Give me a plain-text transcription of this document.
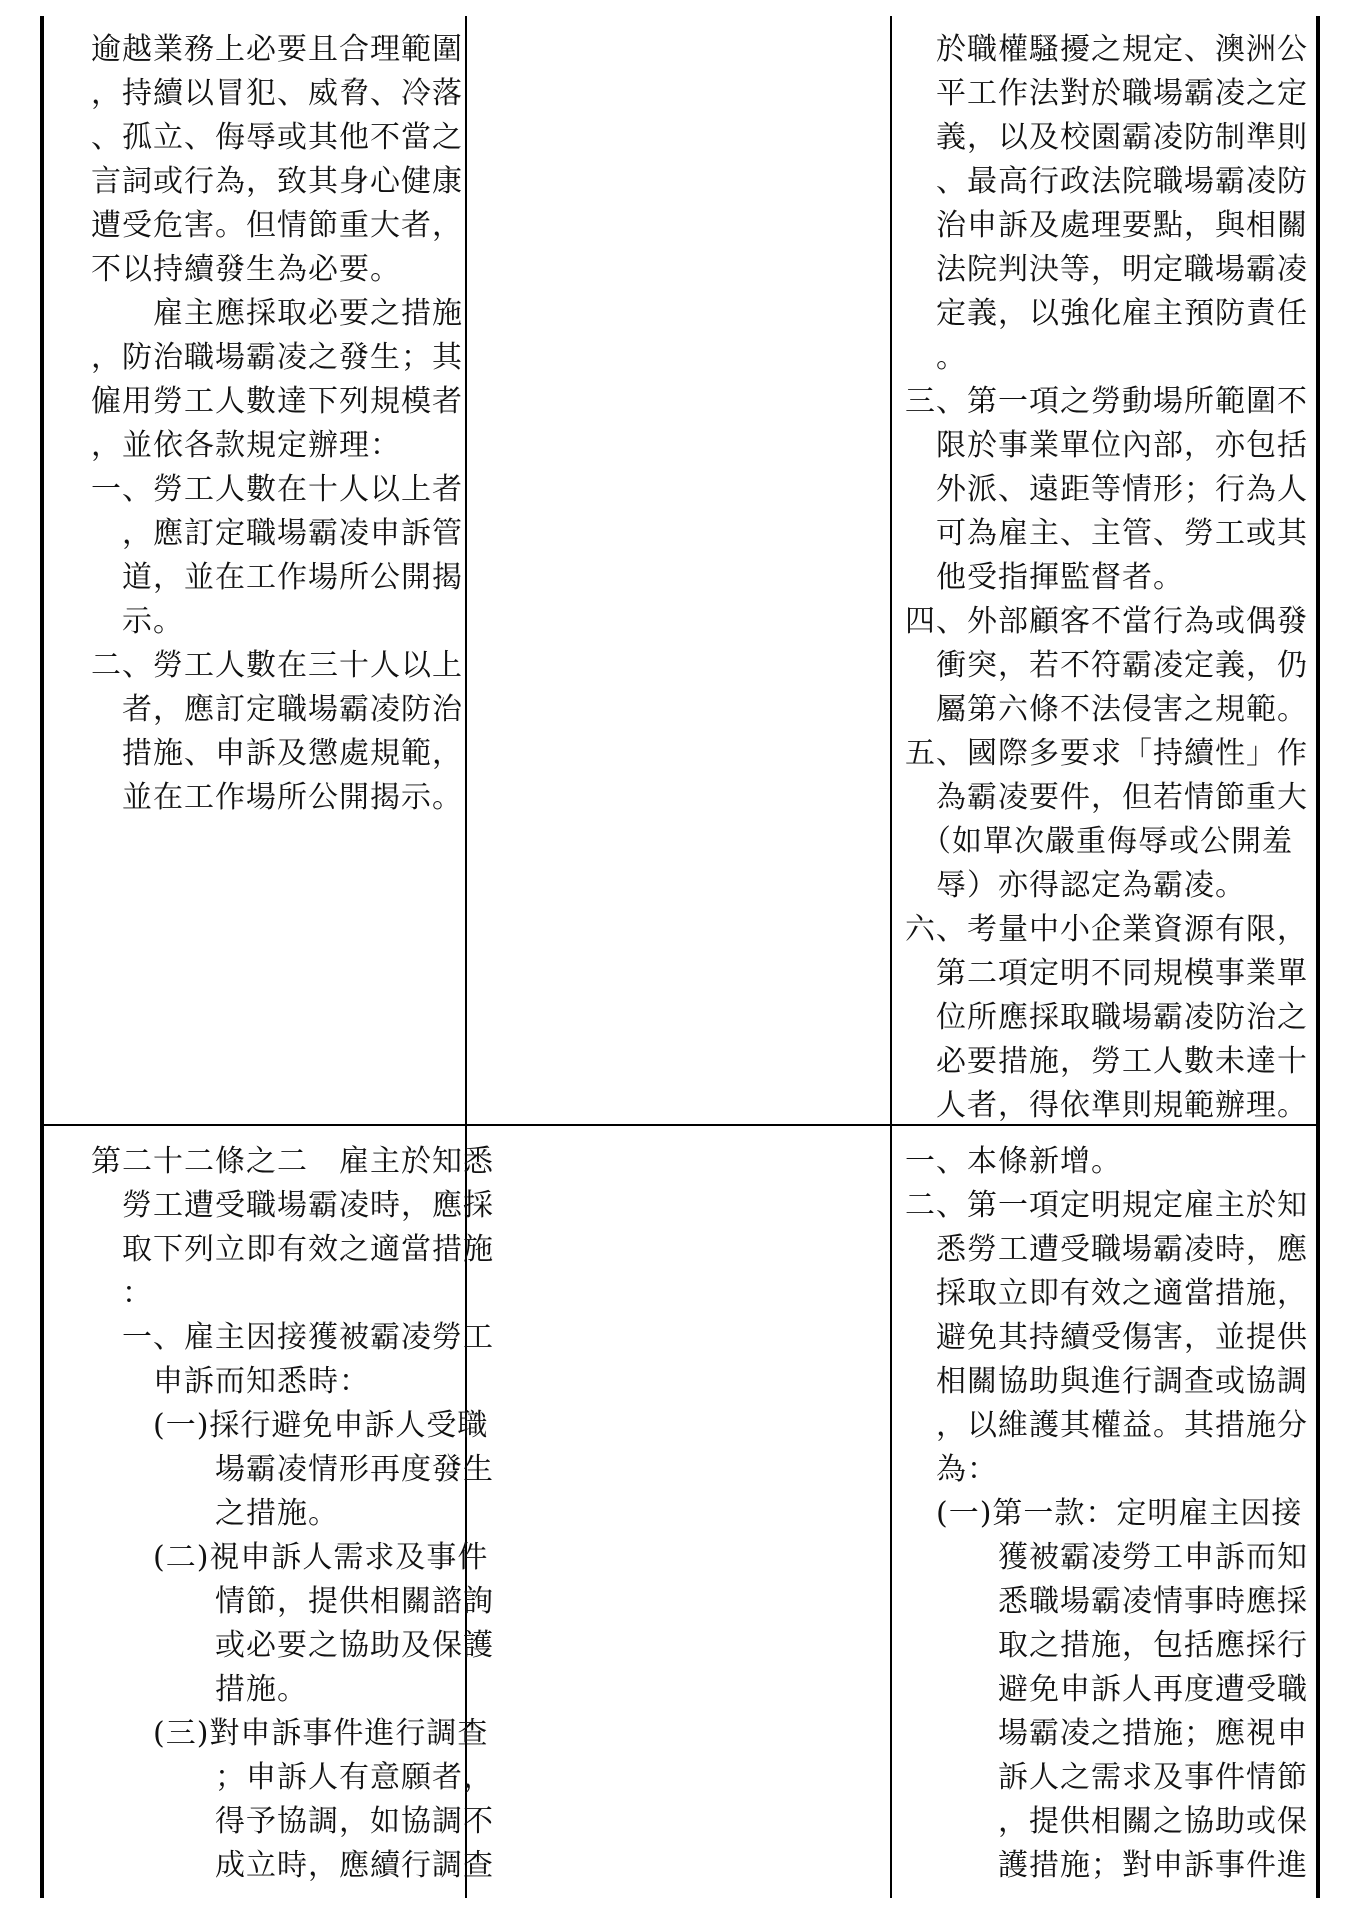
逾越業務上必要且合理範圍
，持續以冒犯、威脅、冷落
、孤立、侮辱或其他不當之
言詞或行為，致其身心健康
遭受危害。但情節重大者，
不以持續發生為必要。
　　雇主應採取必要之措施
，防治職場霸凌之發生；其
僱用勞工人數達下列規模者
，並依各款規定辦理：
一、勞工人數在十人以上者
　，應訂定職場霸凌申訴管
　道，並在工作場所公開揭
　示。
二、勞工人數在三十人以上
　者，應訂定職場霸凌防治
　措施、申訴及懲處規範，
　並在工作場所公開揭示。
　於職權騷擾之規定、澳洲公
　平工作法對於職場霸凌之定
　義，以及校園霸凌防制準則
　、最高行政法院職場霸凌防
　治申訴及處理要點，與相關
　法院判決等，明定職場霸凌
　定義，以強化雇主預防責任
　。
三、第一項之勞動場所範圍不
　限於事業單位內部，亦包括
　外派、遠距等情形；行為人
　可為雇主、主管、勞工或其
　他受指揮監督者。
四、外部顧客不當行為或偶發
　衝突，若不符霸凌定義，仍
　屬第六條不法侵害之規範。
五、國際多要求「持續性」作
　為霸凌要件，但若情節重大
　（如單次嚴重侮辱或公開羞
　辱）亦得認定為霸凌。
六、考量中小企業資源有限，
　第二項定明不同規模事業單
　位所應採取職場霸凌防治之
　必要措施，勞工人數未達十
　人者，得依準則規範辦理。
第二十二條之二　雇主於知悉
　勞工遭受職場霸凌時，應採
　取下列立即有效之適當措施
　：
　一、雇主因接獲被霸凌勞工
　　申訴而知悉時：
　　(一)採行避免申訴人受職
　　　　場霸凌情形再度發生
　　　　之措施。
　　(二)視申訴人需求及事件
　　　　情節，提供相關諮詢
　　　　或必要之協助及保護
　　　　措施。
　　(三)對申訴事件進行調查
　　　　；申訴人有意願者，
　　　　得予協調，如協調不
　　　　成立時，應續行調查
一、本條新增。
二、第一項定明規定雇主於知
　悉勞工遭受職場霸凌時，應
　採取立即有效之適當措施，
　避免其持續受傷害，並提供
　相關協助與進行調查或協調
　，以維護其權益。其措施分
　為：
　(一)第一款：定明雇主因接
　　　獲被霸凌勞工申訴而知
　　　悉職場霸凌情事時應採
　　　取之措施，包括應採行
　　　避免申訴人再度遭受職
　　　場霸凌之措施；應視申
　　　訴人之需求及事件情節
　　　，提供相關之協助或保
　　　護措施；對申訴事件進
